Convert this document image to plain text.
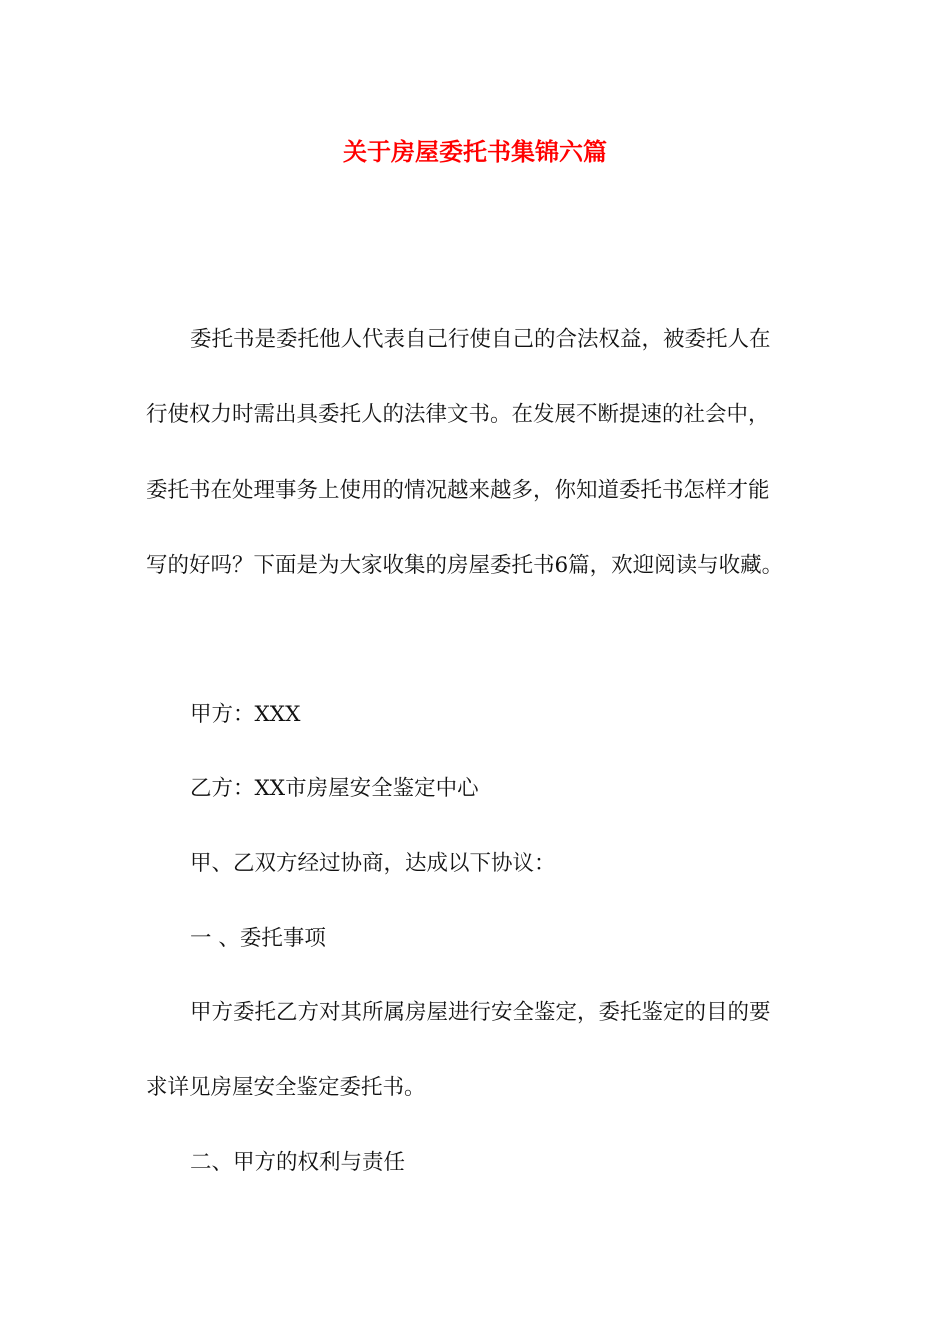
关于房屋委托书集锦六篇

委托书是委托他人代表自己行使自己的合法权益，被委托人在

行使权力时需出具委托人的法律文书。在发展不断提速的社会中，

委托书在处理事务上使用的情况越来越多，你知道委托书怎样才能

写的好吗？下面是为大家收集的房屋委托书6篇，欢迎阅读与收藏。

甲方：XXX

乙方：XX市房屋安全鉴定中心

甲、乙双方经过协商，达成以下协议：

一 、委托事项

甲方委托乙方对其所属房屋进行安全鉴定，委托鉴定的目的要

求详见房屋安全鉴定委托书。

二、甲方的权利与责任
